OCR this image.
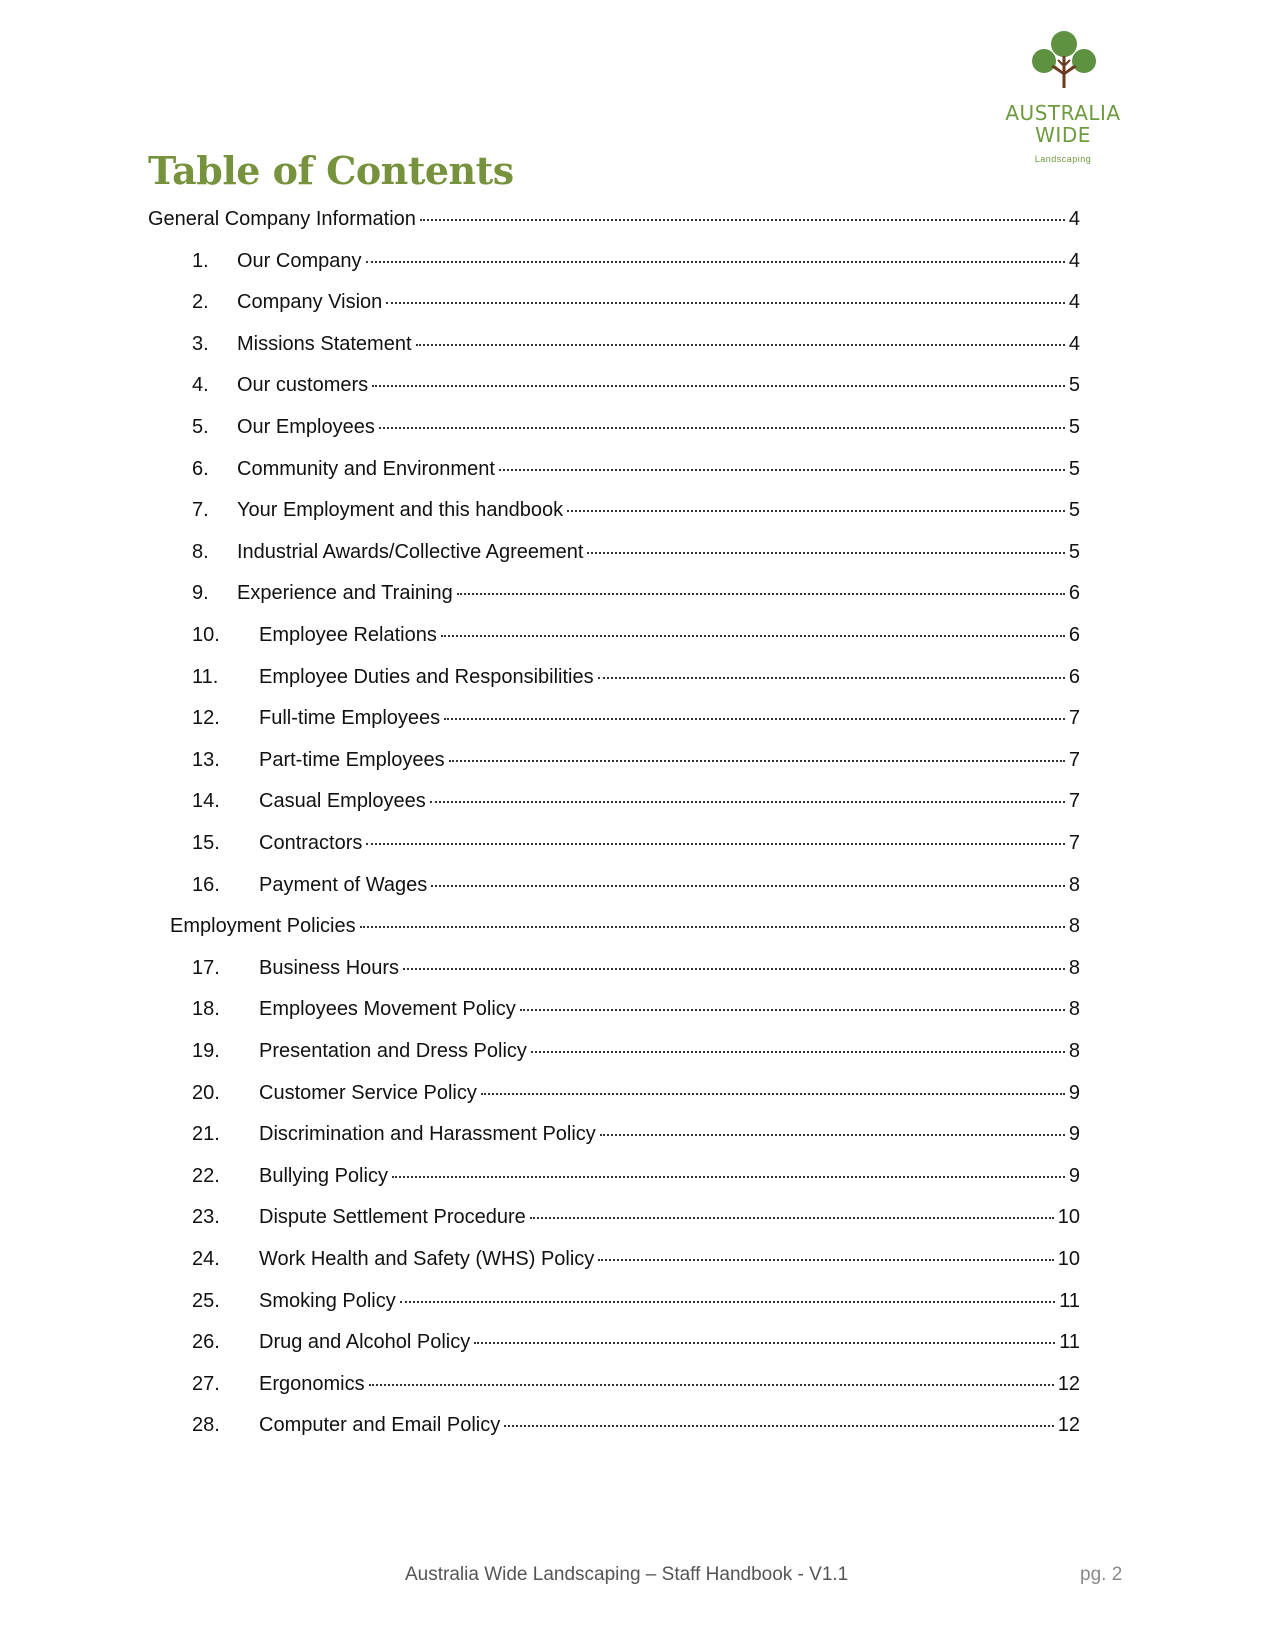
AUSTRALIA
WIDE
Landscaping
Table of Contents
General Company Information	4
1.	Our Company	4
2.	Company Vision	4
3.	Missions Statement	4
4.	Our customers	5
5.	Our Employees	5
6.	Community and Environment	5
7.	Your Employment and this handbook	5
8.	Industrial Awards/Collective Agreement	5
9.	Experience and Training	6
10.	Employee Relations	6
11.	Employee Duties and Responsibilities	6
12.	Full-time Employees	7
13.	Part-time Employees	7
14.	Casual Employees	7
15.	Contractors	7
16.	Payment of Wages	8
Employment Policies	8
17.	Business Hours	8
18.	Employees Movement Policy	8
19.	Presentation and Dress Policy	8
20.	Customer Service Policy	9
21.	Discrimination and Harassment Policy	9
22.	Bullying Policy	9
23.	Dispute Settlement Procedure	10
24.	Work Health and Safety (WHS) Policy	10
25.	Smoking Policy	11
26.	Drug and Alcohol Policy	11
27.	Ergonomics	12
28.	Computer and Email Policy	12
Australia Wide Landscaping – Staff Handbook - V1.1	pg. 2
